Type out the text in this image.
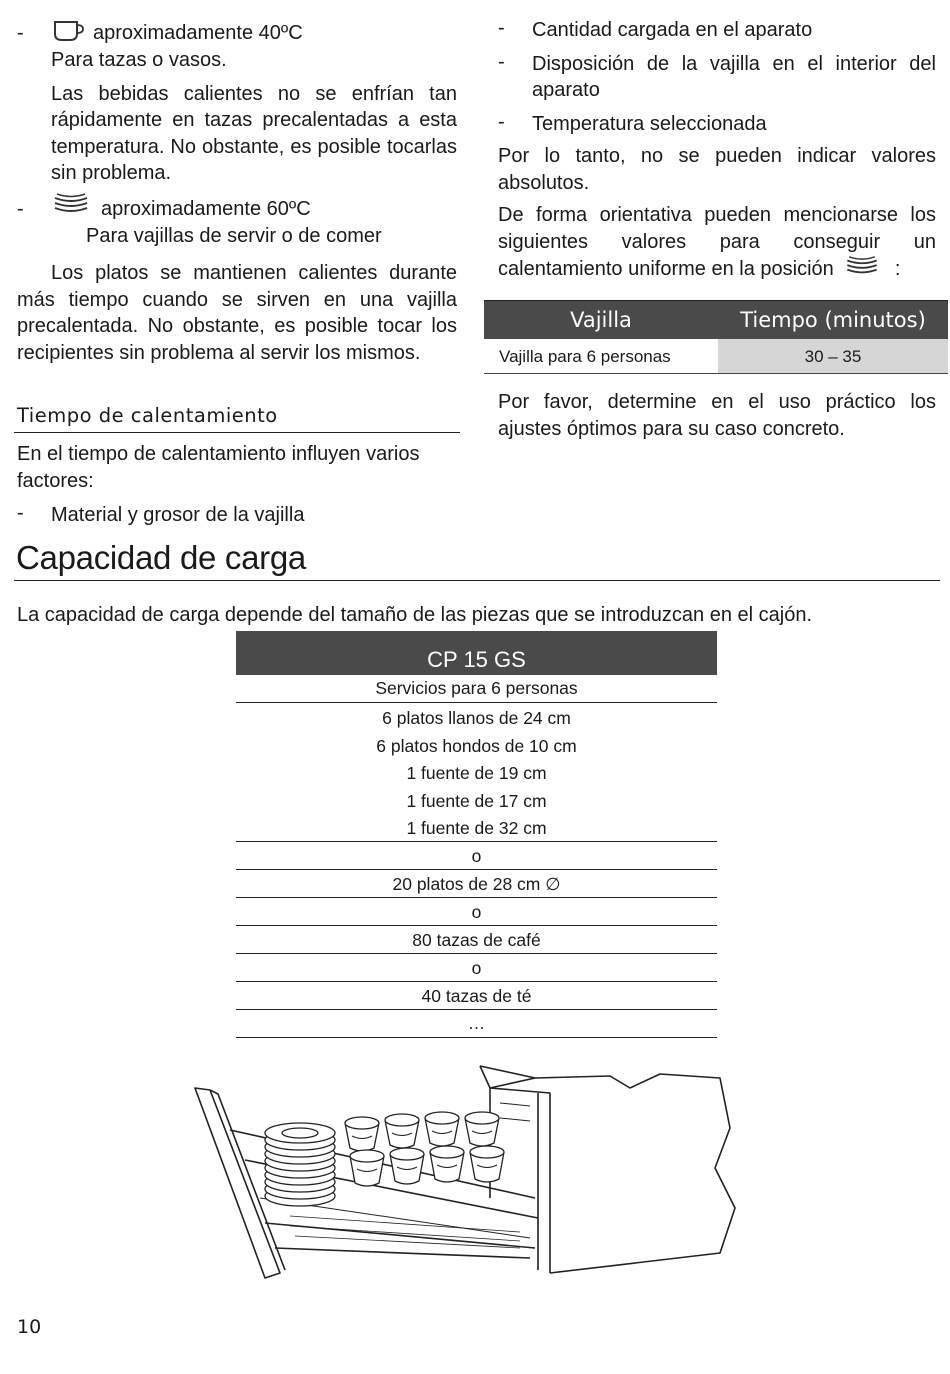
-	aproximadamente 40ºC

Para tazas o vasos.

Las bebidas calientes no se enfrían tan rápidamente en tazas precalentadas a esta temperatura. No obstante, es posible tocarlas sin problema.

-	aproximadamente 60ºC

Para vajillas de servir o de comer

Los platos se mantienen calientes durante más tiempo cuando se sirven en una vajilla precalentada. No obstante, es posible tocar los recipientes sin problema al servir los mismos.

Tiempo de calentamiento

En el tiempo de calentamiento influyen varios factores:

- Material y grosor de la vajilla

- Cantidad cargada en el aparato

- Disposición de la vajilla en el interior del aparato

- Temperatura seleccionada

Por lo tanto, no se pueden indicar valores absolutos.

De forma orientativa pueden mencionarse los siguientes valores para conseguir un calentamiento uniforme en la posición	:

Vajilla	Tiempo (minutos)
Vajilla para 6 personas	30 – 35

Por favor, determine en el uso práctico los ajustes óptimos para su caso concreto.

Capacidad de carga
La capacidad de carga depende del tamaño de las piezas que se introduzcan en el cajón.
CP 15 GS
Servicios para 6 personas
6 platos llanos de 24 cm
6 platos hondos de 10 cm
1 fuente de 19 cm
1 fuente de 17 cm
1 fuente de 32 cm
o
20 platos de 28 cm ∅
o
80 tazas de café
o
40 tazas de té
…
10
